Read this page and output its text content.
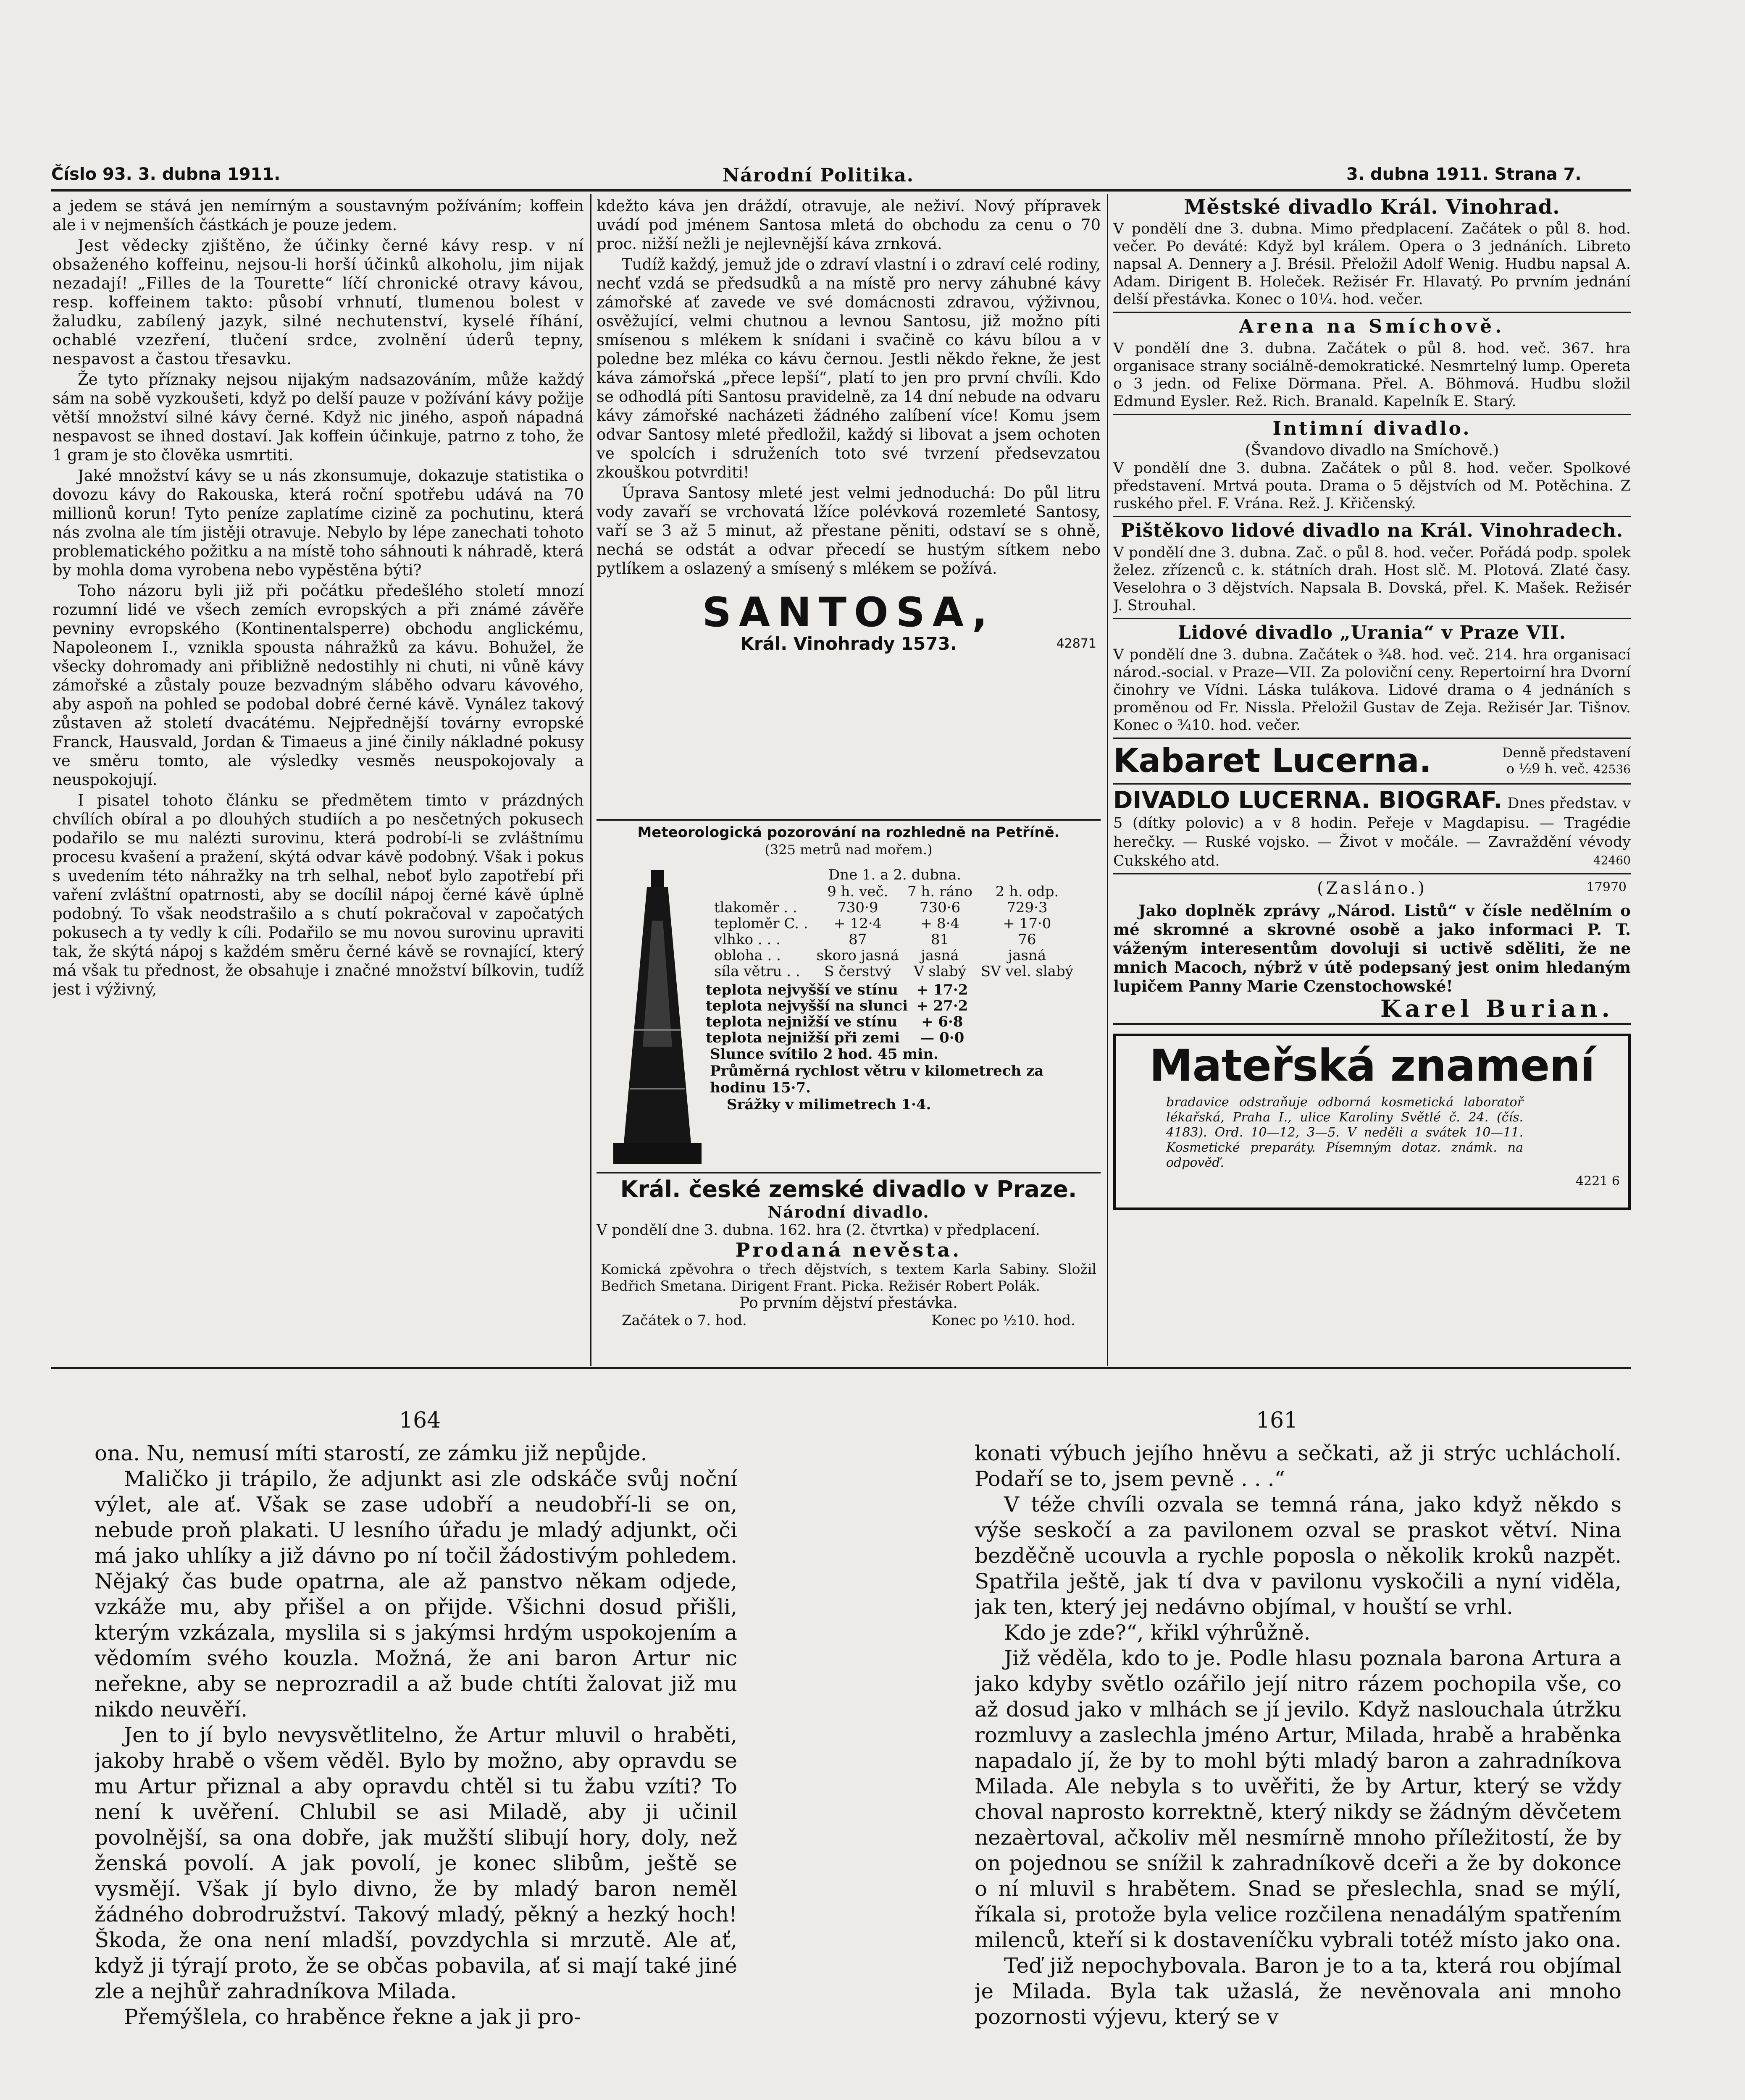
Číslo 93. 3. dubna 1911.	Národní Politika.	3. dubna 1911. Strana 7.

a jedem se stává jen nemírným a soustavným požíváním; koffein ale i v nejmenších částkách je pouze jedem.

Jest vědecky zjištěno, že účinky černé kávy resp. v ní obsaženého koffeinu, nejsou-li horší účinků alkoholu, jim nijak nezadají! „Filles de la Tourette“ líčí chronické otravy kávou, resp. koffeinem takto: působí vrhnutí, tlumenou bolest v žaludku, zabílený jazyk, silné nechutenství, kyselé říhání, ochablé vzezření, tlučení srdce, zvolnění úderů tepny, nespavost a častou třesavku.

Že tyto příznaky nejsou nijakým nadsazováním, může každý sám na sobě vyzkoušeti, když po delší pauze v požívání kávy požije větší množství silné kávy černé. Když nic jiného, aspoň nápadná nespavost se ihned dostaví. Jak koffein účinkuje, patrno z toho, že 1 gram je sto člověka usmrtiti.

Jaké množství kávy se u nás zkonsumuje, dokazuje statistika o dovozu kávy do Rakouska, která roční spotřebu udává na 70 millionů korun! Tyto peníze zaplatíme cizině za pochutinu, která nás zvolna ale tím jistěji otravuje. Nebylo by lépe zanechati tohoto problematického požitku a na místě toho sáhnouti k náhradě, která by mohla doma vyrobena nebo vypěstěna býti?

Toho názoru byli již při počátku předešlého století mnozí rozumní lidé ve všech zemích evropských a při známé závěře pevniny evropského (Kontinentalsperre) obchodu anglickému, Napoleonem I., vznikla spousta náhražků za kávu. Bohužel, že všecky dohromady ani přibližně nedostihly ni chuti, ni vůně kávy zámořské a zůstaly pouze bezvadným sláběho odvaru kávového, aby aspoň na pohled se podobal dobré černé kávě. Vynález takový zůstaven až století dvacátému. Nejpřednější továrny evropské Franck, Hausvald, Jordan & Timaeus a jiné činily nákladné pokusy ve směru tomto, ale výsledky vesměs neuspokojovaly a neuspokojují.

I pisatel tohoto článku se předmětem timto v prázdných chvílích obíral a po dlouhých studiích a po nesčetných pokusech podařilo se mu nalézti surovinu, která podrobí-li se zvláštnímu procesu kvašení a pražení, skýtá odvar kávě podobný. Však i pokus s uvedením této náhražky na trh selhal, neboť bylo zapotřebí při vaření zvláštní opatrnosti, aby se docílil nápoj černé kávě úplně podobný. To však neodstrašilo a s chutí pokračoval v započatých pokusech a ty vedly k cíli. Podařilo se mu novou surovinu upraviti tak, že skýtá nápoj s každém směru černé kávě se rovnající, který má však tu přednost, že obsahuje i značné množství bílkovin, tudíž jest i výživný,

kdežto káva jen dráždí, otravuje, ale neživí. Nový přípravek uvádí pod jménem Santosa mletá do obchodu za cenu o 70 proc. nižší nežli je nejlevnější káva zrnková.

Tudíž každý, jemuž jde o zdraví vlastní i o zdraví celé rodiny, nechť vzdá se předsudků a na místě pro nervy záhubné kávy zámořské ať zavede ve své domácnosti zdravou, výživnou, osvěžující, velmi chutnou a levnou Santosu, již možno píti smísenou s mlékem k snídani i svačině co kávu bílou a v poledne bez mléka co kávu černou. Jestli někdo řekne, že jest káva zámořská „přece lepší“, platí to jen pro první chvíli. Kdo se odhodlá píti Santosu pravidelně, za 14 dní nebude na odvaru kávy zámořské nacházeti žádného zalíbení více! Komu jsem odvar Santosy mleté předložil, každý si libovat a jsem ochoten ve spolcích i sdruženích toto své tvrzení předsevzatou zkouškou potvrditi!

Úprava Santosy mleté jest velmi jednoduchá: Do půl litru vody zavaří se vrchovatá lžíce polévková rozemleté Santosy, vaří se 3 až 5 minut, až přestane pěniti, odstaví se s ohně, nechá se odstát a odvar přecedí se hustým sítkem nebo pytlíkem a oslazený a smísený s mlékem se požívá.

SANTOSA,
Král. Vinohrady 1573.	42871
Meteorologická pozorování na rozhledně na Petříně.
(325 metrů nad mořem.)
Dne 1. a 2. dubna.
	9 h. več.	7 h. ráno	2 h. odp.
tlakoměr . .	730·9	730·6	729·3
teploměr C. .	+ 12·4	+ 8·4	+ 17·0
vlhko . . .	87	81	76
obloha . .	skoro jasná	jasná	jasná
síla větru . .	S čerstvý	V slabý	SV vel. slabý
teplota nejvyšší ve stínu	+ 17·2
teplota nejvyšší na slunci	+ 27·2
teplota nejnižší ve stínu	+ 6·8
teplota nejnižší při zemi	— 0·0
Slunce svítilo 2 hod. 45 min.
Průměrná rychlost větru v kilometrech za hodinu 15·7.
Srážky v milimetrech 1·4.
Král. české zemské divadlo v Praze.
Národní divadlo.
V pondělí dne 3. dubna. 162. hra (2. čtvrtka) v předplacení.
Prodaná nevěsta.
Komická zpěvohra o třech dějstvích, s textem Karla Sabiny. Složil Bedřich Smetana. Dirigent Frant. Picka. Režisér Robert Polák.
Po prvním dějství přestávka.
Začátek o 7. hod.	Konec po ½10. hod.
Městské divadlo Král. Vinohrad.
V pondělí dne 3. dubna. Mimo předplacení. Začátek o půl 8. hod. večer. Po deváté: Když byl králem. Opera o 3 jednáních. Libreto napsal A. Dennery a J. Brésil. Přeložil Adolf Wenig. Hudbu napsal A. Adam. Dirigent B. Holeček. Režisér Fr. Hlavatý. Po prvním jednání delší přestávka. Konec o 10¼. hod. večer.
Arena na Smíchově.
V pondělí dne 3. dubna. Začátek o půl 8. hod. več. 367. hra organisace strany sociálně-demokratické. Nesmrtelný lump. Opereta o 3 jedn. od Felixe Dörmana. Přel. A. Böhmová. Hudbu složil Edmund Eysler. Rež. Rich. Branald. Kapelník E. Starý.
Intimní divadlo.
(Švandovo divadlo na Smíchově.)
V pondělí dne 3. dubna. Začátek o půl 8. hod. večer. Spolkové představení. Mrtvá pouta. Drama o 5 dějstvích od M. Potěchina. Z ruského přel. F. Vrána. Rež. J. Křičenský.
Pištěkovo lidové divadlo na Král. Vinohradech.
V pondělí dne 3. dubna. Zač. o půl 8. hod. večer. Pořádá podp. spolek želez. zřízenců c. k. státních drah. Host slč. M. Plotová. Zlaté časy. Veselohra o 3 dějstvích. Napsala B. Dovská, přel. K. Mašek. Režisér J. Strouhal.
Lidové divadlo „Urania“ v Praze VII.
V pondělí dne 3. dubna. Začátek o ¾8. hod. več. 214. hra organisací národ.-social. v Praze—VII. Za poloviční ceny. Repertoirní hra Dvorní činohry ve Vídni. Láska tulákova. Lidové drama o 4 jednáních s proměnou od Fr. Nissla. Přeložil Gustav de Zeja. Režisér Jar. Tišnov. Konec o ¾10. hod. večer.
Kabaret Lucerna.	Denně představení o ½9 h. več. 42536
DIVADLO LUCERNA. BIOGRAF. Dnes představ. v 5 (dítky polovic) a v 8 hodin. Peřeje v Magdapisu. — Tragédie herečky. — Ruské vojsko. — Život v močále. — Zavraždění vévody Cukského atd.	42460
(Zasláno.)	17970

Jako doplněk zprávy „Národ. Listů“ v čísle nedělním o mé skromné a skrovné osobě a jako informaci P. T. váženým interesentům dovoluji si uctivě sděliti, že ne mnich Macoch, nýbrž v útě podepsaný jest onim hledaným lupičem Panny Marie Czenstochowské!

Karel Burian.
Mateřská znamení
bradavice odstraňuje odborná kosmetická laboratoř lékařská, Praha I., ulice Karoliny Světlé č. 24. (čís. 4183). Ord. 10—12, 3—5. V neděli a svátek 10—11. Kosmetické preparáty. Písemným dotaz. známk. na odpověď.
4221 6
164	161

ona. Nu, nemusí míti starostí, ze zámku již nepůjde.

Maličko ji trápilo, že adjunkt asi zle odskáče svůj noční výlet, ale ať. Však se zase udobří a neudobří-li se on, nebude proň plakati. U lesního úřadu je mladý adjunkt, oči má jako uhlíky a již dávno po ní točil žádostivým pohledem. Nějaký čas bude opatrna, ale až panstvo někam odjede, vzkáže mu, aby přišel a on přijde. Všichni dosud přišli, kterým vzkázala, myslila si s jakýmsi hrdým uspokojením a vědomím svého kouzla. Možná, že ani baron Artur nic neřekne, aby se neprozradil a až bude chtíti žalovat již mu nikdo neuvěří.

Jen to jí bylo nevysvětlitelno, že Artur mluvil o hraběti, jakoby hrabě o všem věděl. Bylo by možno, aby opravdu se mu Artur přiznal a aby opravdu chtěl si tu žabu vzíti? To není k uvěření. Chlubil se asi Miladě, aby ji učinil povolnější, sa ona dobře, jak mužští slibují hory, doly, než ženská povolí. A jak povolí, je konec slibům, ještě se vysmějí. Však jí bylo divno, že by mladý baron neměl žádného dobrodružství. Takový mladý, pěkný a hezký hoch! Škoda, že ona není mladší, povzdychla si mrzutě. Ale ať, když ji týrají proto, že se občas pobavila, ať si mají také jiné zle a nejhůř zahradníkova Milada.

Přemýšlela, co hraběnce řekne a jak ji pro-

konati výbuch jejího hněvu a sečkati, až ji strýc uchlácholí. Podaří se to, jsem pevně . . .“

V téže chvíli ozvala se temná rána, jako když někdo s výše seskočí a za pavilonem ozval se praskot větví. Nina bezděčně ucouvla a rychle poposla o několik kroků nazpět. Spatřila ještě, jak tí dva v pavilonu vyskočili a nyní viděla, jak ten, který jej nedávno objímal, v houští se vrhl.

Kdo je zde?“, křikl výhrůžně.

Již věděla, kdo to je. Podle hlasu poznala barona Artura a jako kdyby světlo ozářilo její nitro rázem pochopila vše, co až dosud jako v mlhách se jí jevilo. Když naslouchala útržku rozmluvy a zaslechla jméno Artur, Milada, hrabě a hraběnka napadalo jí, že by to mohl býti mladý baron a zahradníkova Milada. Ale nebyla s to uvěřiti, že by Artur, který se vždy choval naprosto korrektně, který nikdy se žádným děvčetem nezaèrtoval, ačkoliv měl nesmírně mnoho příležitostí, že by on pojednou se snížil k zahradníkově dceři a že by dokonce o ní mluvil s hrabětem. Snad se přeslechla, snad se mýlí, říkala si, protože byla velice rozčilena nenadálým spatřením milenců, kteří si k dostaveníčku vybrali totéž místo jako ona.

Teď již nepochybovala. Baron je to a ta, která rou objímal je Milada. Byla tak užaslá, že nevěnovala ani mnoho pozornosti výjevu, který se v
